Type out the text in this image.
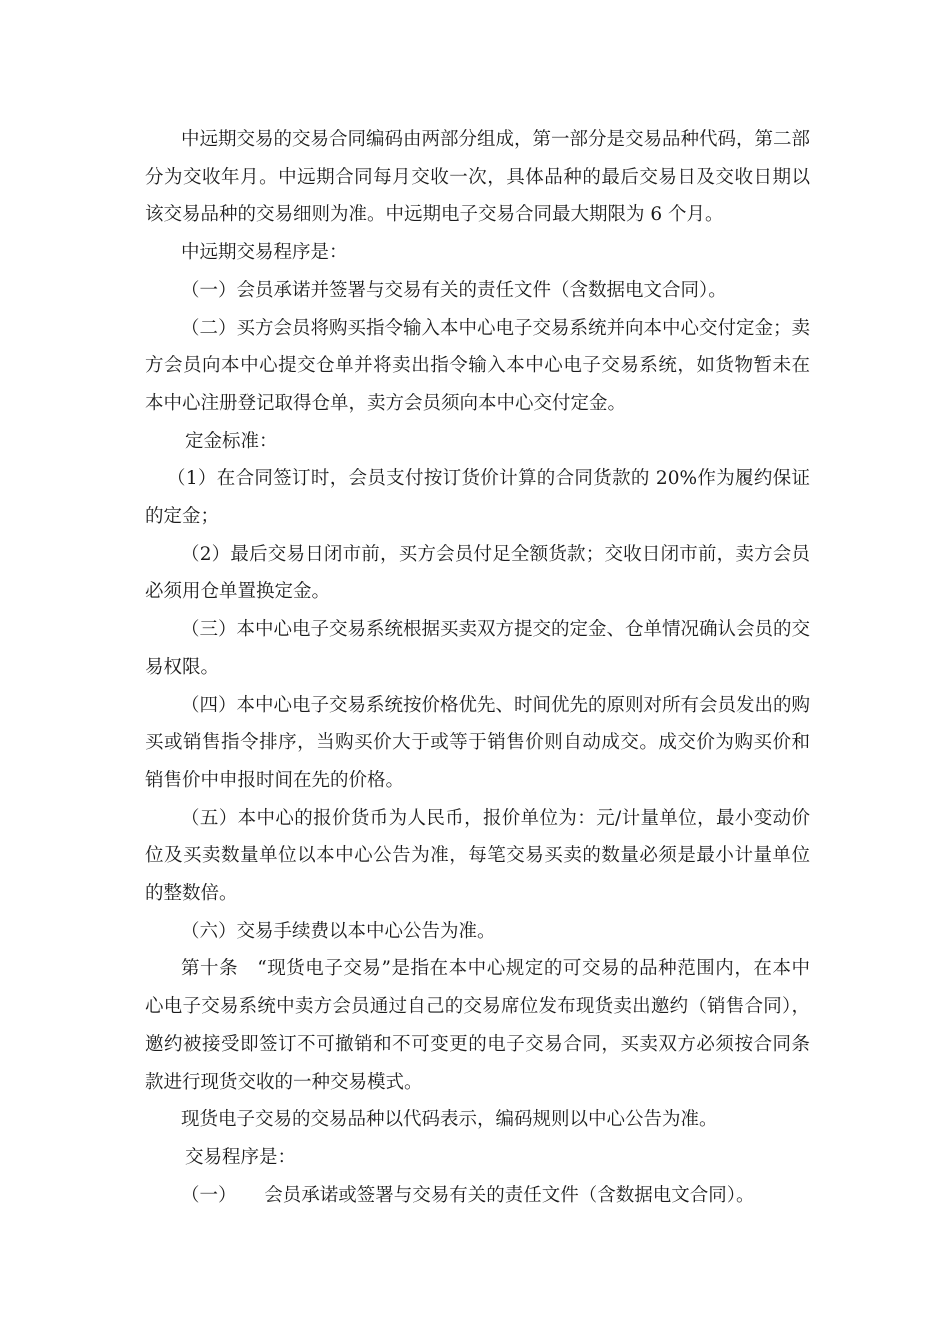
中远期交易的交易合同编码由两部分组成，第一部分是交易品种代码，第二部分为交收年月。中远期合同每月交收一次，具体品种的最后交易日及交收日期以该交易品种的交易细则为准。中远期电子交易合同最大期限为 6 个月。

中远期交易程序是：

（一）会员承诺并签署与交易有关的责任文件（含数据电文合同）。

（二）买方会员将购买指令输入本中心电子交易系统并向本中心交付定金；卖方会员向本中心提交仓单并将卖出指令输入本中心电子交易系统，如货物暂未在本中心注册登记取得仓单，卖方会员须向本中心交付定金。

定金标准：

（1）在合同签订时，会员支付按订货价计算的合同货款的 20%作为履约保证的定金；

（2）最后交易日闭市前，买方会员付足全额货款；交收日闭市前，卖方会员必须用仓单置换定金。

（三）本中心电子交易系统根据买卖双方提交的定金、仓单情况确认会员的交易权限。

（四）本中心电子交易系统按价格优先、时间优先的原则对所有会员发出的购买或销售指令排序，当购买价大于或等于销售价则自动成交。成交价为购买价和销售价中申报时间在先的价格。

（五）本中心的报价货币为人民币，报价单位为：元/计量单位，最小变动价位及买卖数量单位以本中心公告为准，每笔交易买卖的数量必须是最小计量单位的整数倍。

（六）交易手续费以本中心公告为准。

第十条　“现货电子交易”是指在本中心规定的可交易的品种范围内，在本中心电子交易系统中卖方会员通过自己的交易席位发布现货卖出邀约（销售合同），邀约被接受即签订不可撤销和不可变更的电子交易合同，买卖双方必须按合同条款进行现货交收的一种交易模式。

现货电子交易的交易品种以代码表示，编码规则以中心公告为准。

交易程序是：

（一）　　会员承诺或签署与交易有关的责任文件（含数据电文合同）。
